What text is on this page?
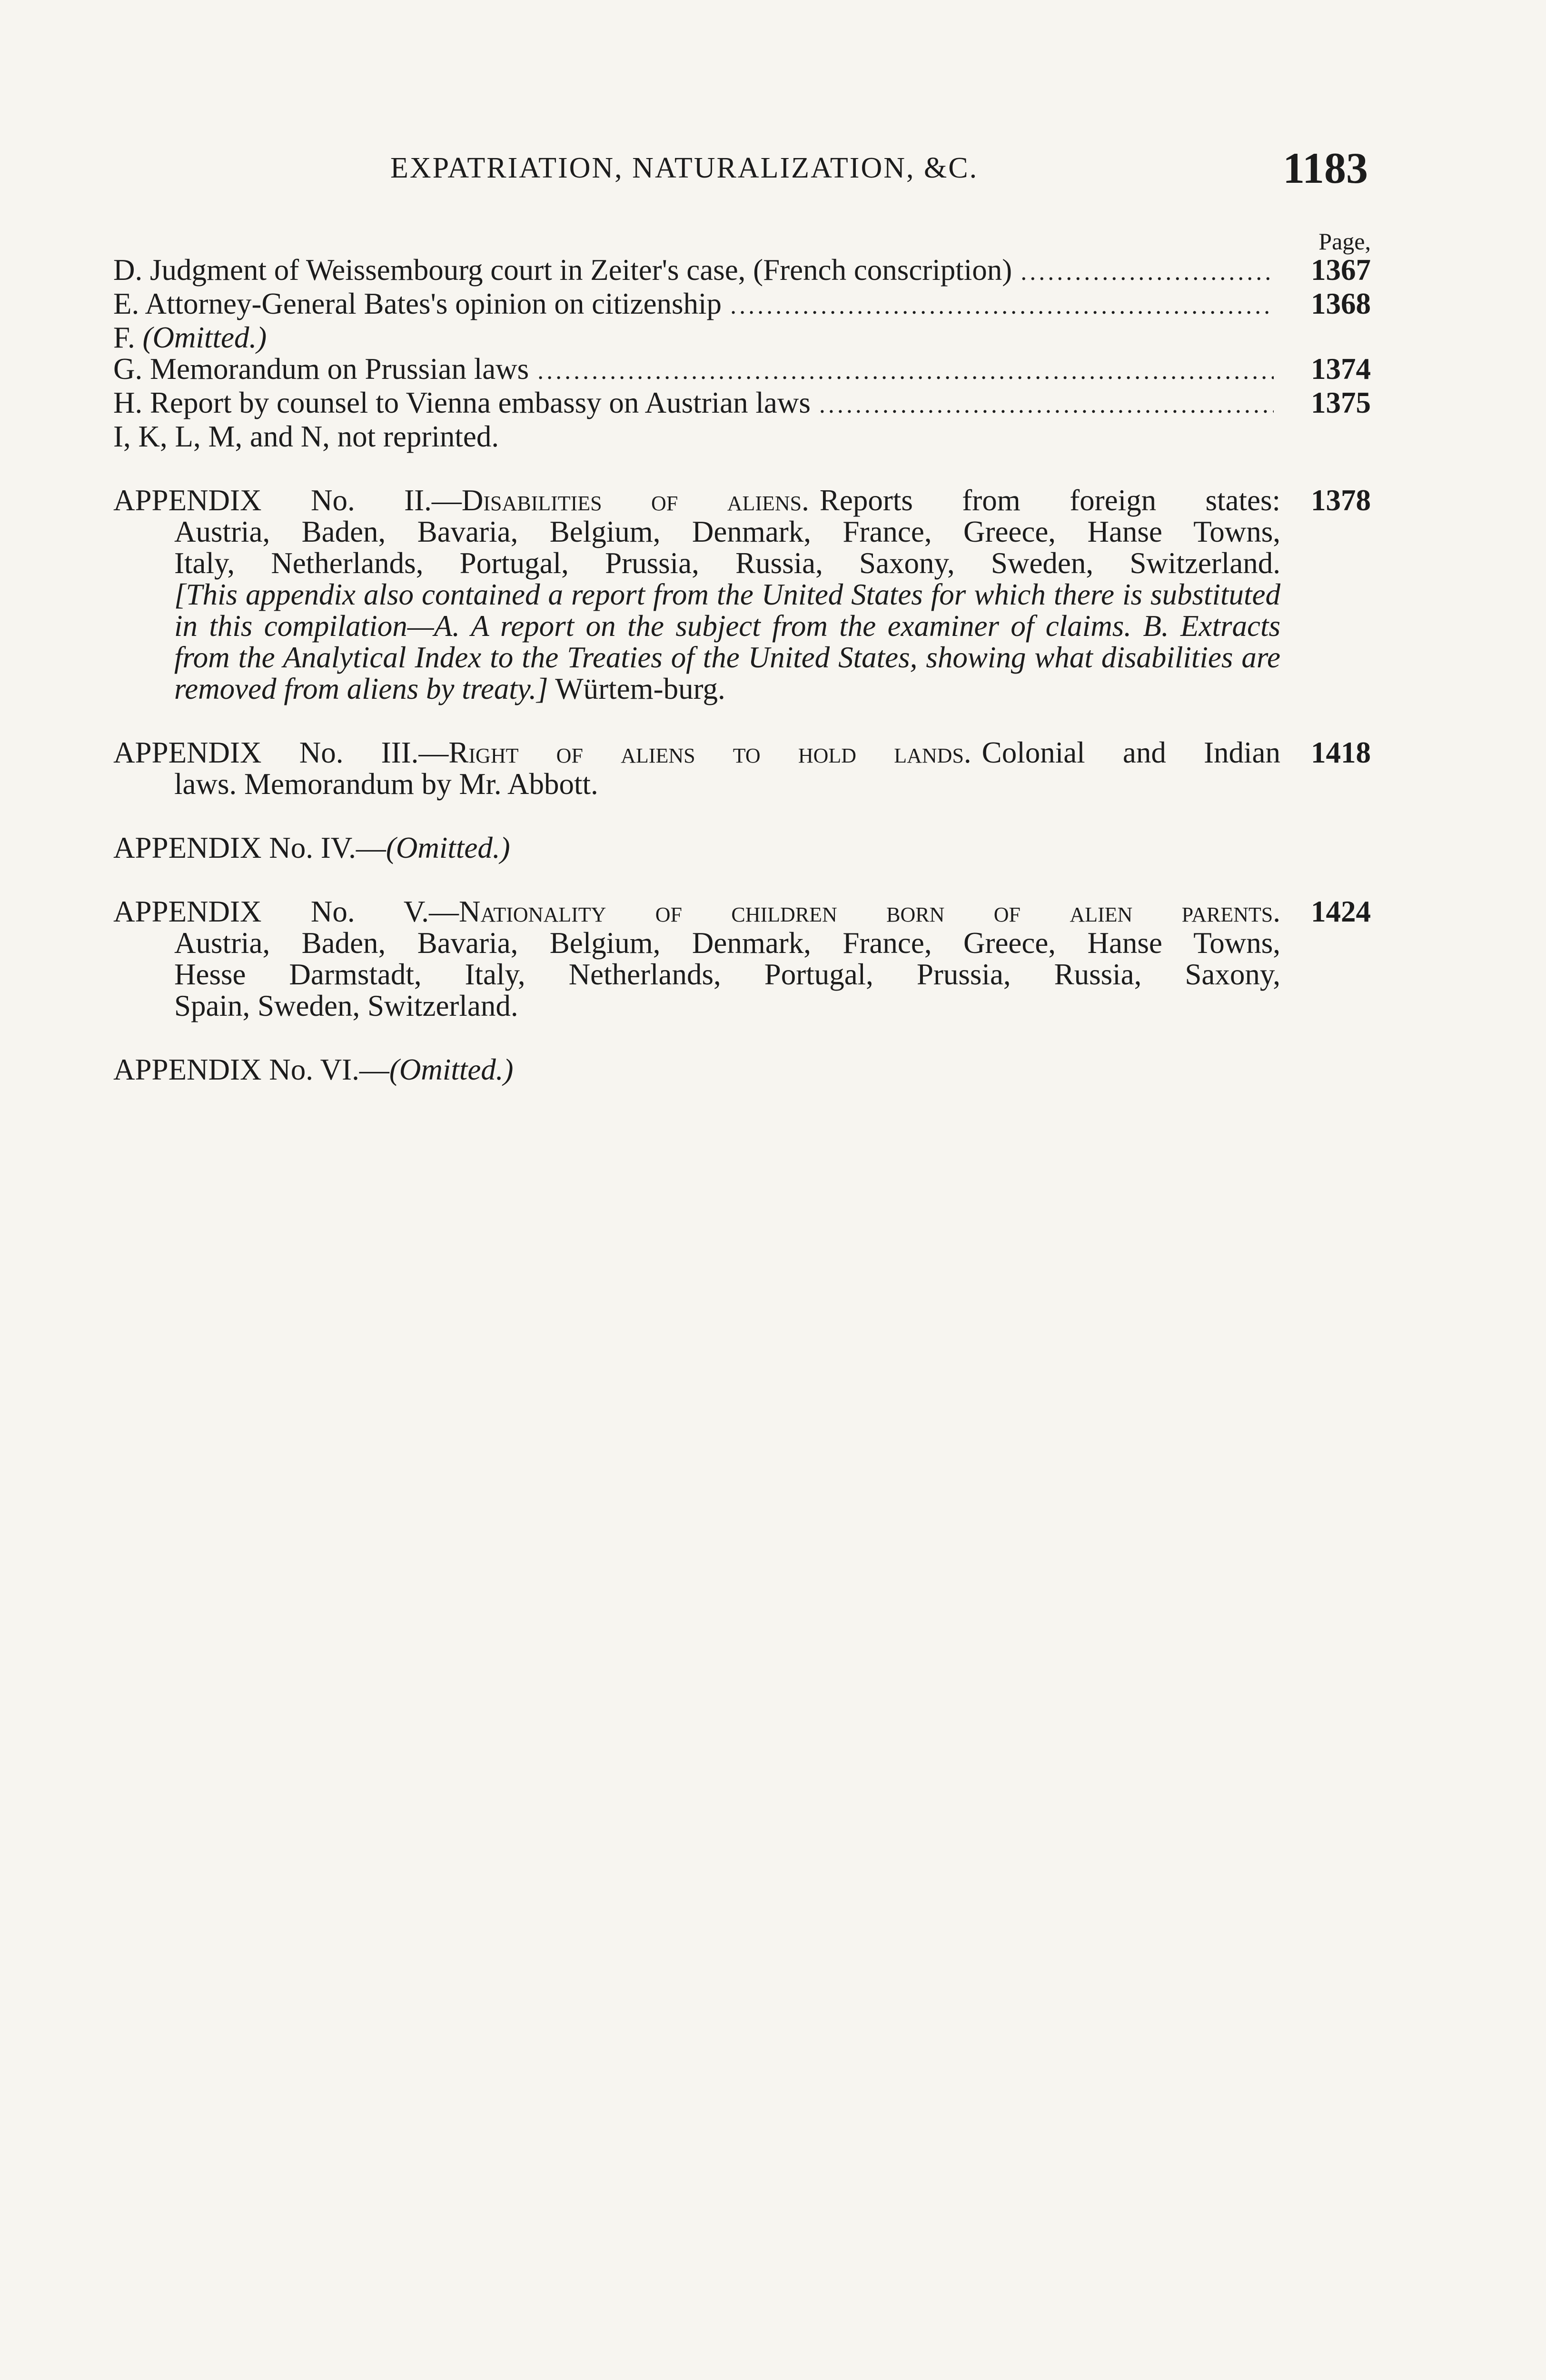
EXPATRIATION, NATURALIZATION, &C.	1183
Page,
D. Judgment of Weissembourg court in Zeiter's case, (French conscription) .....	1367
E. Attorney-General Bates's opinion on citizenship .....	1368
F. (Omitted.)
G. Memorandum on Prussian laws .....	1374
H. Report by counsel to Vienna embassy on Austrian laws .....	1375
I, K, L, M, and N, not reprinted.
APPENDIX No. II.—Disabilities of aliens. Reports from foreign states:	1378

Austria, Baden, Bavaria, Belgium, Denmark, France, Greece, Hanse Towns,

Italy, Netherlands, Portugal, Prussia, Russia, Saxony, Sweden, Switzerland.

[This appendix also contained a report from the United States for which there is substituted in this compilation—A. A report on the subject from the examiner of claims. B. Extracts from the Analytical Index to the Treaties of the United States, showing what disabilities are removed from aliens by treaty.] Würtem-burg.

APPENDIX No. III.—Right of aliens to hold lands. Colonial and Indian	1418

laws. Memorandum by Mr. Abbott.

APPENDIX No. IV.—(Omitted.)
APPENDIX No. V.—Nationality of children born of alien parents.	1424

Austria, Baden, Bavaria, Belgium, Denmark, France, Greece, Hanse Towns,

Hesse Darmstadt, Italy, Netherlands, Portugal, Prussia, Russia, Saxony,

Spain, Sweden, Switzerland.

APPENDIX No. VI.—(Omitted.)
